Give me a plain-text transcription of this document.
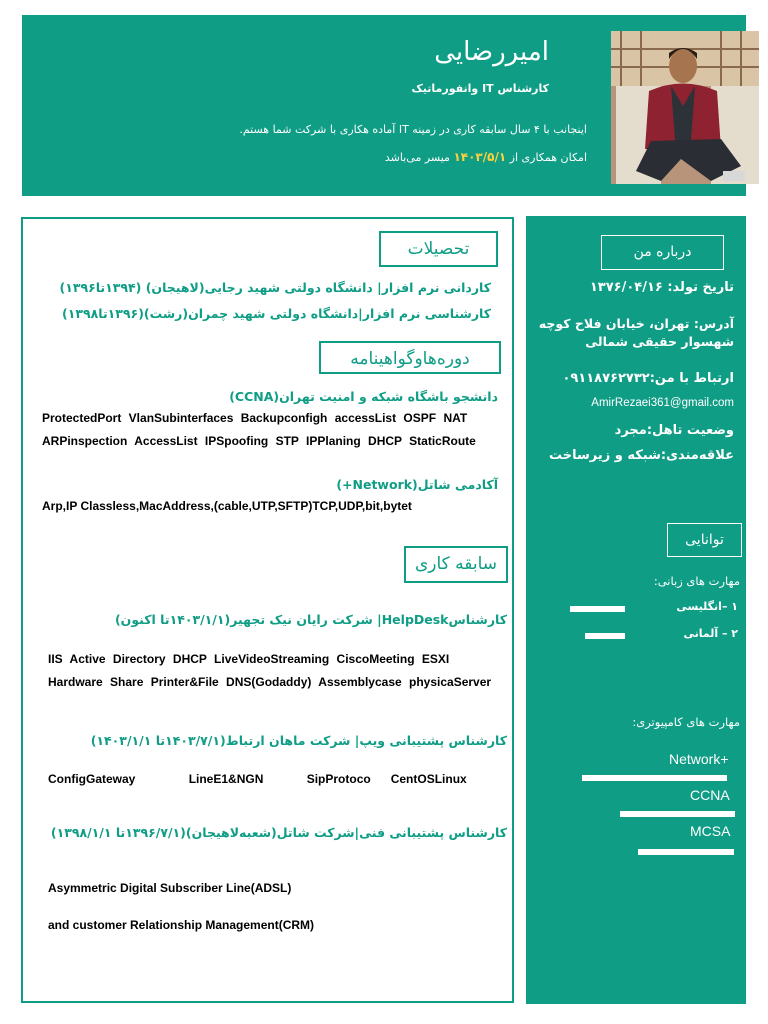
امیررضایی
کارشناس IT وانفورماتیک
اینجانب با ۴ سال سابقه کاری در زمینه IT آماده هکاری با شرکت شما هستم.
امکان همکاری از ۱۴۰۳/۵/۱ میسر می‌باشد
تحصیلات
کاردانی نرم افزار| دانشگاه دولتی شهید رجایی(لاهیجان) (۱۳۹۴تا۱۳۹۶)
کارشناسی نرم افزار|دانشگاه دولتی شهید چمران(رشت)(۱۳۹۶تا۱۳۹۸)
دوره‌هاوگواهینامه
دانشجو باشگاه شبکه و امنیت تهران(CCNA)
ProtectedPort VlanSubinterfaces Backupconfigh accessList OSPF NAT
ARPinspection AccessList IPSpoofing STP IPPlaning DHCP StaticRoute
آکادمی شاتل(Network+)
Arp,IP Classless,MacAddress,(cable,UTP,SFTP)TCP,UDP,bit,bytet
سابقه کاری
کارشناسHelpDesk| شرکت رایان نیک تجهیر(۱۴۰۳/۱/۱تا اکنون)
IIS Active Directory DHCP LiveVideoStreaming CiscoMeeting ESXI
Hardware Share Printer&File DNS(Godaddy) Assemblycase physicaServer
کارشناس پشتیبانی ویپ| شرکت ماهان ارتباط(۱۴۰۳/۷/۱تا ۱۴۰۳/۱/۱)
ConfigGateway                LineE1&NGN             SipProtoco      CentOSLinux
کارشناس پشتیبانی فنی|شرکت شاتل(شعبه‌لاهیجان)(۱۳۹۶/۷/۱تا ۱۳۹۸/۱/۱)
Asymmetric Digital Subscriber Line(ADSL)
and customer Relationship Management(CRM)
درباره من
تاریخ تولد: ۱۳۷۶/۰۴/۱۶
آدرس: تهران، خیابان فلاح کوچه
شهسوار حقیقی شمالی
ارتباط با من:۰۹۱۱۸۷۶۲۷۳۲
AmirRezaei361@gmail.com
وضعیت تاهل:مجرد
علاقه‌مندی:شبکه و زیرساخت
توانایی
مهارت های زبانی:
۱ –انگلیسی
۲ – آلمانی
مهارت های کامپیوتری:
Network+
CCNA
MCSA
